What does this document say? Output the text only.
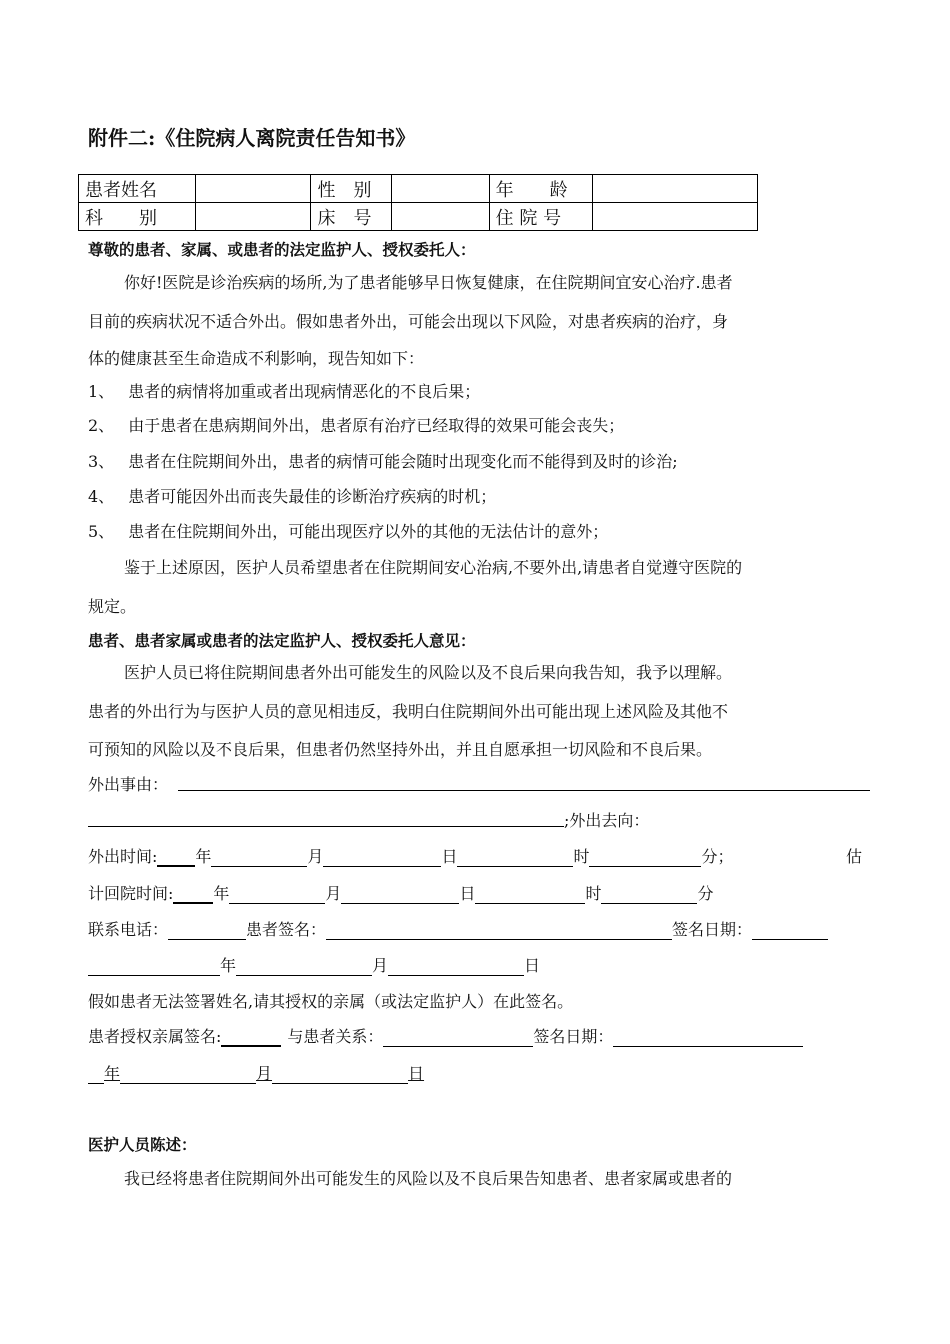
附件二:《住院病人离院责任告知书》
患者姓名		性　别		年　　龄	
科　　别		床　号		住 院 号	
尊敬的患者、家属、或患者的法定监护人、授权委托人：
你好!医院是诊治疾病的场所,为了患者能够早日恢复健康，在住院期间宜安心治疗.患者
目前的疾病状况不适合外出。假如患者外出，可能会出现以下风险，对患者疾病的治疗，身
体的健康甚至生命造成不利影响，现告知如下：
1、 患者的病情将加重或者出现病情恶化的不良后果；
2、 由于患者在患病期间外出，患者原有治疗已经取得的效果可能会丧失；
3、 患者在住院期间外出，患者的病情可能会随时出现变化而不能得到及时的诊治;
4、 患者可能因外出而丧失最佳的诊断治疗疾病的时机；
5、 患者在住院期间外出，可能出现医疗以外的其他的无法估计的意外；
鉴于上述原因，医护人员希望患者在住院期间安心治病,不要外出,请患者自觉遵守医院的
规定。
患者、患者家属或患者的法定监护人、授权委托人意见：
医护人员已将住院期间患者外出可能发生的风险以及不良后果向我告知，我予以理解。
患者的外出行为与医护人员的意见相违反，我明白住院期间外出可能出现上述风险及其他不
可预知的风险以及不良后果，但患者仍然坚持外出，并且自愿承担一切风险和不良后果。
外出事由：
;外出去向：
外出时间: 年	月	日	时	分；	估
计回院时间:	年	月	日	时	分
联系电话：	患者签名：	签名日期：
年	月	日
假如患者无法签署姓名,请其授权的亲属（或法定监护人）在此签名。
患者授权亲属签名:	与患者关系：	签名日期：
年	月	日
医护人员陈述：
我已经将患者住院期间外出可能发生的风险以及不良后果告知患者、患者家属或患者的
